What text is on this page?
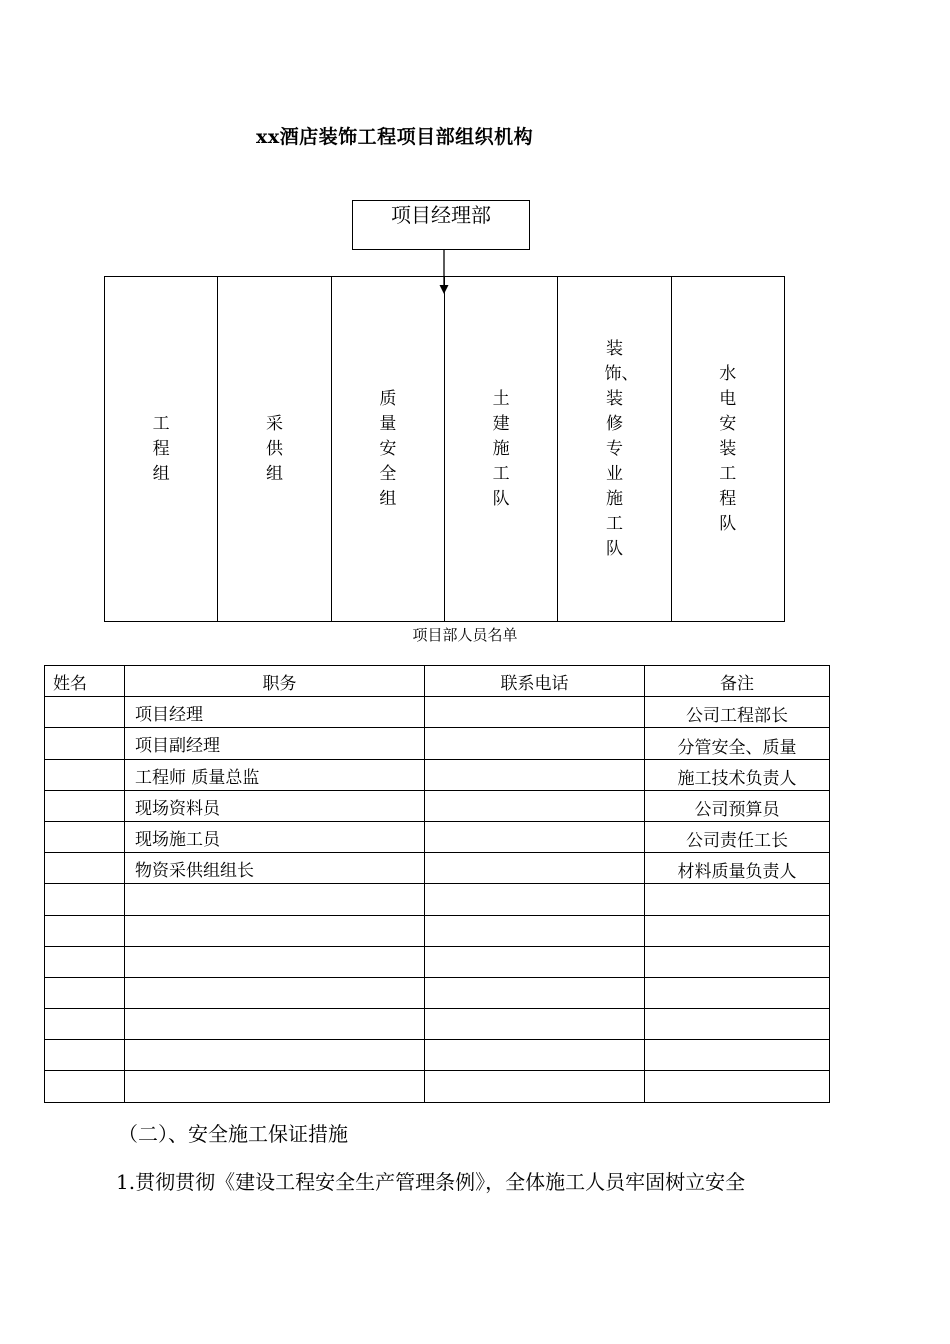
xx酒店装饰工程项目部组织机构
项目经理部
工程组
采供组
质量安全组
土建施工队
装饰、装修专业施工队
水电安装工程队
项目部人员名单
姓名	职务	联系电话	备注
	项目经理		公司工程部长
	项目副经理		分管安全、质量
	工程师 质量总监		施工技术负责人
	现场资料员		公司预算员
	现场施工员		公司责任工长
	物资采供组组长		材料质量负责人

（二）、安全施工保证措施
1.贯彻贯彻《建设工程安全生产管理条例》，全体施工人员牢固树立安全
